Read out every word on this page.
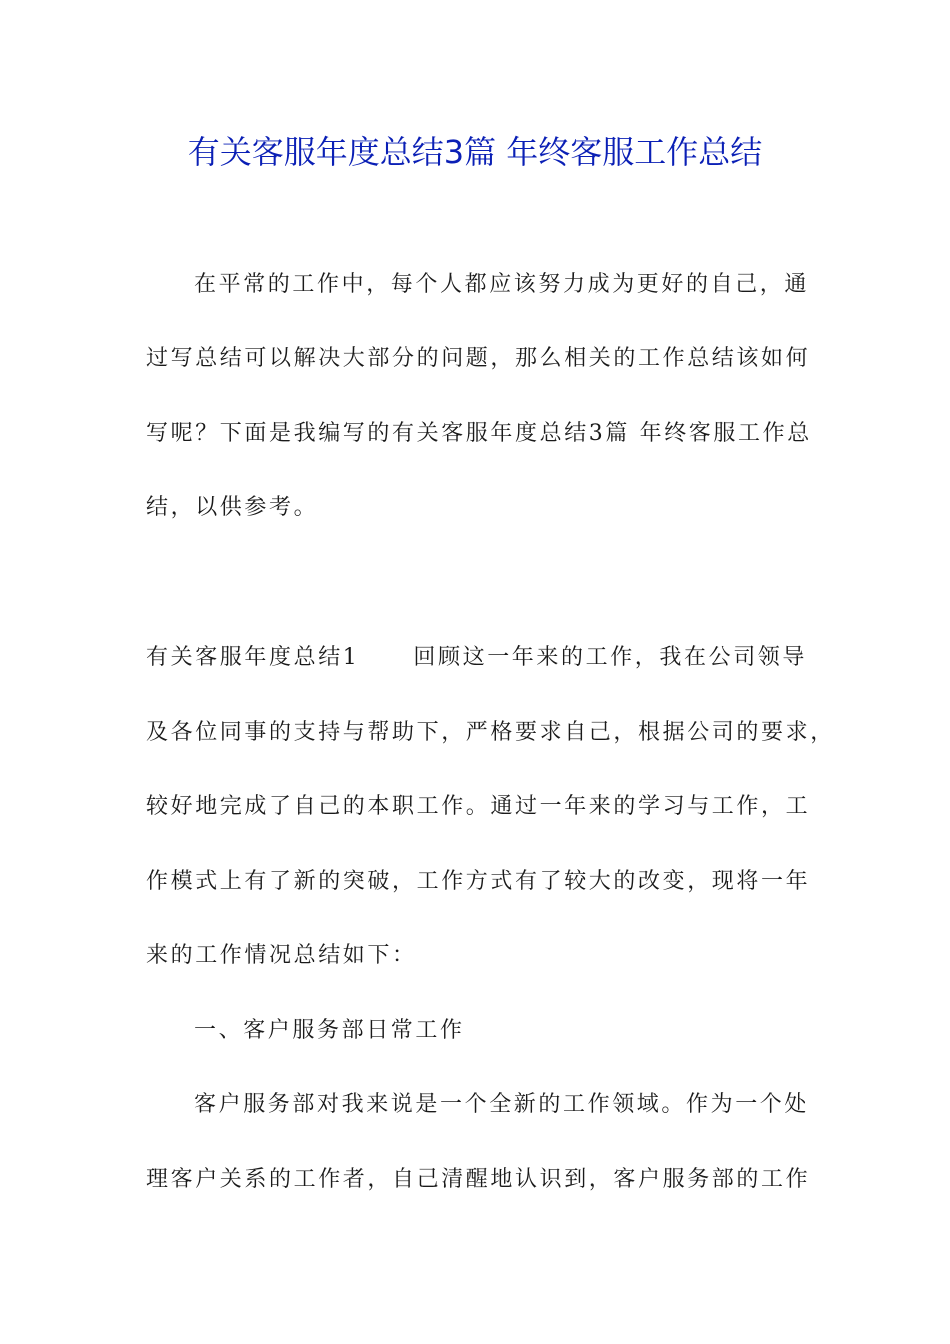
有关客服年度总结3篇 年终客服工作总结
在平常的工作中，每个人都应该努力成为更好的自己，通
过写总结可以解决大部分的问题，那么相关的工作总结该如何
写呢？下面是我编写的有关客服年度总结3篇 年终客服工作总
结，以供参考。
有关客服年度总结1 回顾这一年来的工作，我在公司领导
及各位同事的支持与帮助下，严格要求自己，根据公司的要求，
较好地完成了自己的本职工作。通过一年来的学习与工作，工
作模式上有了新的突破，工作方式有了较大的改变，现将一年
来的工作情况总结如下：
一、客户服务部日常工作
客户服务部对我来说是一个全新的工作领域。作为一个处
理客户关系的工作者，自己清醒地认识到，客户服务部的工作
